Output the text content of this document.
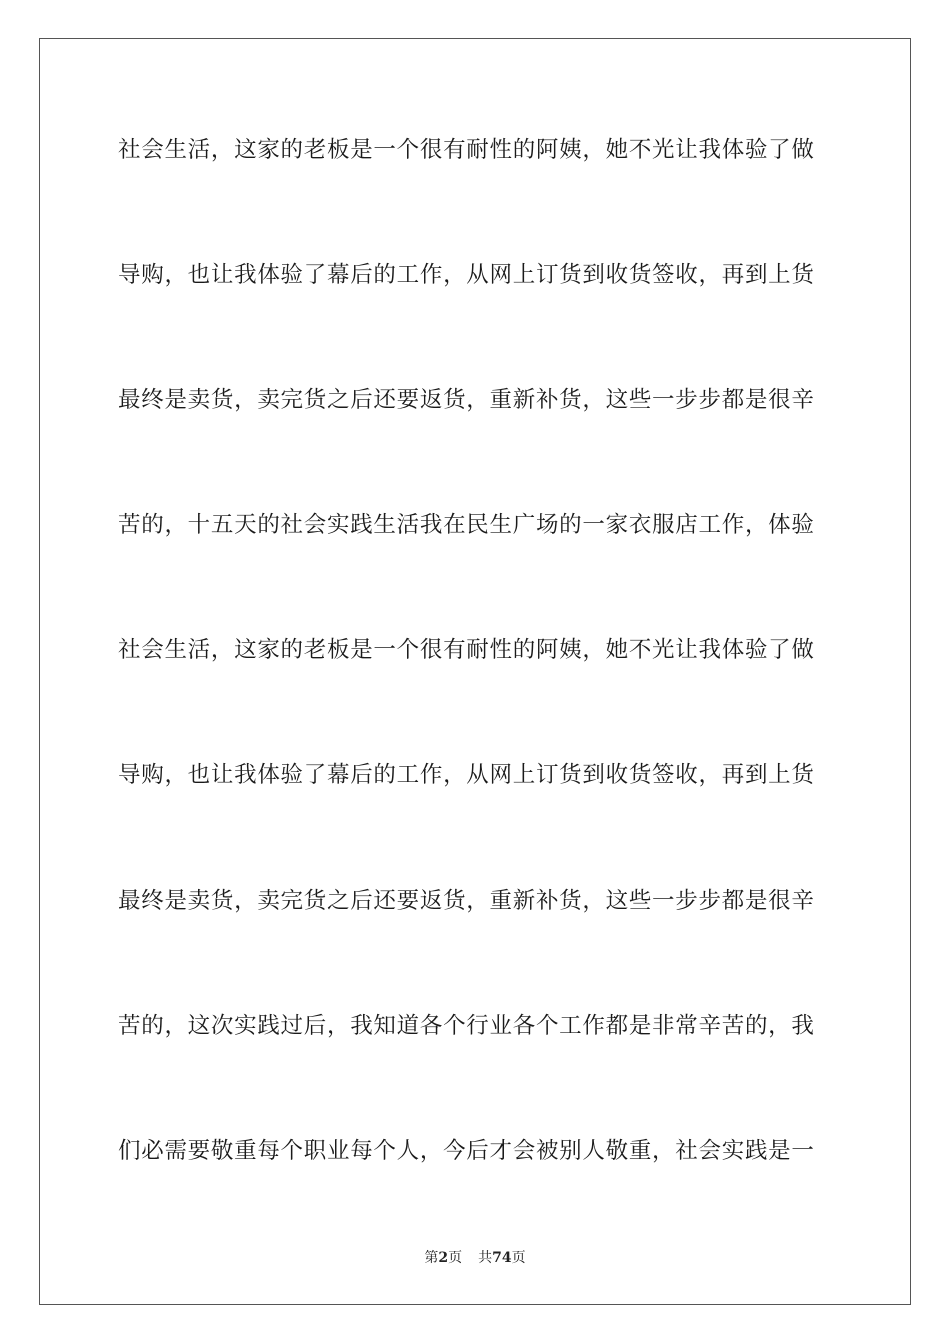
社会生活，这家的老板是一个很有耐性的阿姨，她不光让我体验了做
导购，也让我体验了幕后的工作，从网上订货到收货签收，再到上货
最终是卖货，卖完货之后还要返货，重新补货，这些一步步都是很辛
苦的，十五天的社会实践生活我在民生广场的一家衣服店工作，体验
社会生活，这家的老板是一个很有耐性的阿姨，她不光让我体验了做
导购，也让我体验了幕后的工作，从网上订货到收货签收，再到上货
最终是卖货，卖完货之后还要返货，重新补货，这些一步步都是很辛
苦的，这次实践过后，我知道各个行业各个工作都是非常辛苦的，我
们必需要敬重每个职业每个人，今后才会被别人敬重，社会实践是一
第2页 共74页
